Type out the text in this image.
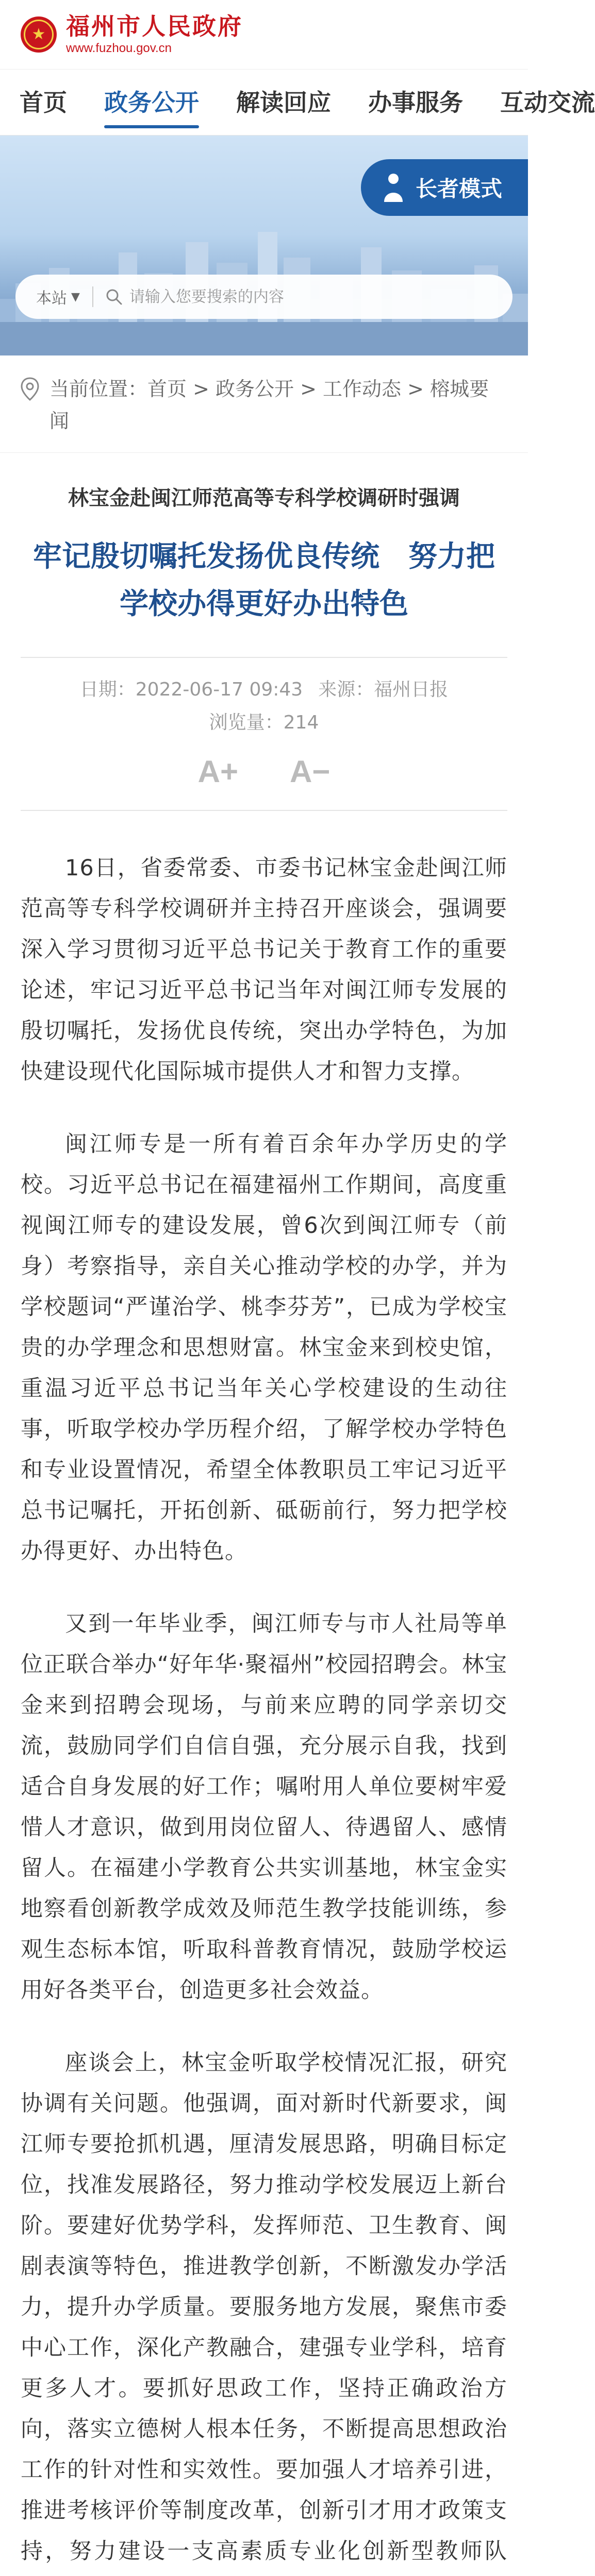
★ 福州市人民政府
www.fuzhou.gov.cn
首页 政务公开 解读回应 办事服务 互动交流
长者模式
本站 ▼
请输入您要搜索的内容
当前位置：首页 > 政务公开 > 工作动态 > 榕城要闻
林宝金赴闽江师范高等专科学校调研时强调
牢记殷切嘱托发扬优良传统　努力把学校办得更好办出特色
日期：2022-06-17 09:43 来源：福州日报
浏览量：214
A+ A−

16日，省委常委、市委书记林宝金赴闽江师范高等专科学校调研并主持召开座谈会，强调要深入学习贯彻习近平总书记关于教育工作的重要论述，牢记习近平总书记当年对闽江师专发展的殷切嘱托，发扬优良传统，突出办学特色，为加快建设现代化国际城市提供人才和智力支撑。

闽江师专是一所有着百余年办学历史的学校。习近平总书记在福建福州工作期间，高度重视闽江师专的建设发展，曾6次到闽江师专（前身）考察指导，亲自关心推动学校的办学，并为学校题词“严谨治学、桃李芬芳”，已成为学校宝贵的办学理念和思想财富。林宝金来到校史馆，重温习近平总书记当年关心学校建设的生动往事，听取学校办学历程介绍，了解学校办学特色和专业设置情况，希望全体教职员工牢记习近平总书记嘱托，开拓创新、砥砺前行，努力把学校办得更好、办出特色。

又到一年毕业季，闽江师专与市人社局等单位正联合举办“好年华·聚福州”校园招聘会。林宝金来到招聘会现场，与前来应聘的同学亲切交流，鼓励同学们自信自强，充分展示自我，找到适合自身发展的好工作；嘱咐用人单位要树牢爱惜人才意识，做到用岗位留人、待遇留人、感情留人。在福建小学教育公共实训基地，林宝金实地察看创新教学成效及师范生教学技能训练，参观生态标本馆，听取科普教育情况，鼓励学校运用好各类平台，创造更多社会效益。

座谈会上，林宝金听取学校情况汇报，研究协调有关问题。他强调，面对新时代新要求，闽江师专要抢抓机遇，厘清发展思路，明确目标定位，找准发展路径，努力推动学校发展迈上新台阶。要建好优势学科，发挥师范、卫生教育、闽剧表演等特色，推进教学创新，不断激发办学活力，提升办学质量。要服务地方发展，聚焦市委中心工作，深化产教融合，建强专业学科，培育更多人才。要抓好思政工作，坚持正确政治方向，落实立德树人根本任务，不断提高思想政治工作的针对性和实效性。要加强人才培养引进，推进考核评价等制度改革，创新引才用才政策支持，努力建设一支高素质专业化创新型教师队
